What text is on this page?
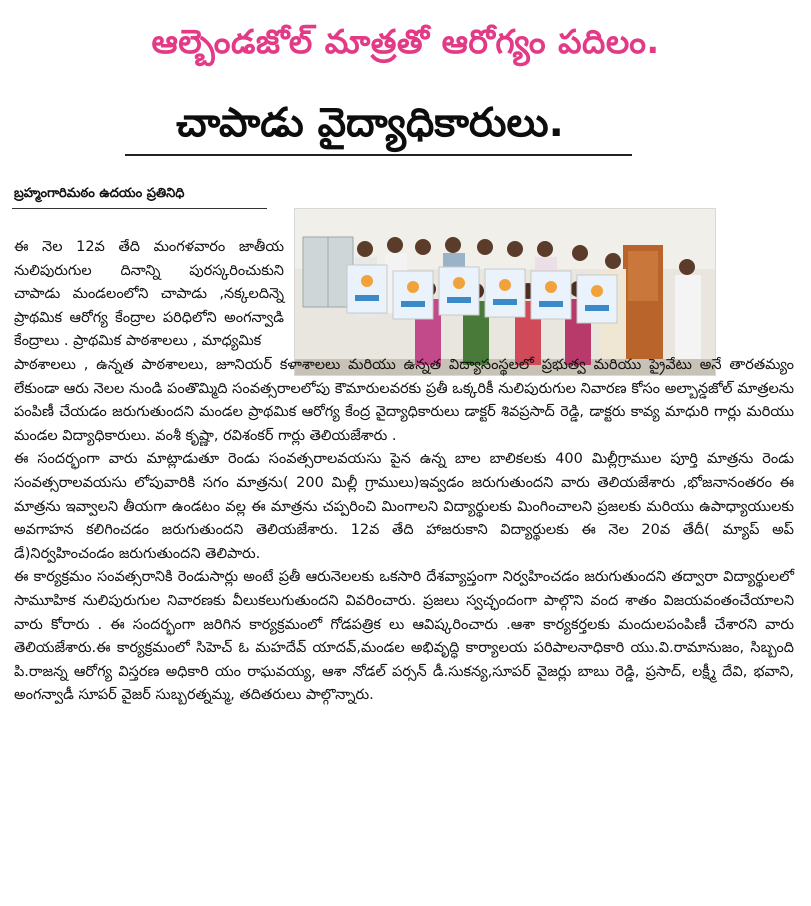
ఆల్బెండజోల్ మాత్రతో ఆరోగ్యం పదిలం.
చాపాడు వైద్యాధికారులు.
బ్రహ్మంగారిమఠం ఉదయం ప్రతినిధి

ఈ నెల 12వ తేది మంగళవారం జాతీయ నులిపురుగుల దినాన్ని పురస్కరించుకుని చాపాడు మండలంలోని చాపాడు ,నక్కలదిన్నె ప్రాథమిక ఆరోగ్య కేంద్రాల పరిధిలోని అంగన్వాడి కేంద్రాలు . ప్రాథమిక పాఠశాలలు , మాధ్యమిక

పాఠశాలలు , ఉన్నత పాఠశాలలు, జూనియర్ కళాశాలలు మరియు ఉన్నత విద్యాసంస్థలలో ప్రభుత్వ మరియు ప్రైవేటు అనే తారతమ్యం లేకుండా ఆరు నెలల నుండి పంతొమ్మిది సంవత్సరాలలోపు కౌమారులవరకు ప్రతీ ఒక్కరికీ నులిపురుగుల నివారణ కోసం అల్బాన్డజోల్ మాత్రలను పంపిణీ చేయడం జరుగుతుందని మండల ప్రాథమిక ఆరోగ్య కేంద్ర వైద్యాధికారులు డాక్టర్ శివప్రసాద్ రెడ్డి, డాక్టరు కావ్య మాధురి గార్లు మరియు మండల విద్యాధికారులు. వంశీ కృష్ణా, రవిశంకర్ గార్లు తెలియజేశారు .

ఈ సందర్భంగా వారు మాట్లాడుతూ రెండు సంవత్సరాలవయసు పైన ఉన్న బాల బాలికలకు 400 మిల్లీగ్రాముల పూర్తి మాత్రను రెండు సంవత్సరాలవయసు లోపువారికి సగం మాత్రను( 200 మిల్లీ గ్రాములు)ఇవ్వడం జరుగుతుందని వారు తెలియజేశారు ,భోజనానంతరం ఈ మాత్రను ఇవ్వాలని తీయగా ఉండటం వల్ల ఈ మాత్రను చప్పరించి మింగాలని విద్యార్థులకు మింగించాలని ప్రజలకు మరియు ఉపాధ్యాయులకు అవగాహన కలిగించడం జరుగుతుందని తెలియజేశారు. 12వ తేది హాజరుకాని విద్యార్థులకు ఈ నెల 20వ తేదీ( మ్యాప్ అప్ డే)నిర్వహించండం జరుగుతుందని తెలిపారు.

ఈ కార్యక్రమం సంవత్సరానికి రెండుసార్లు అంటే ప్రతీ ఆరునెలలకు ఒకసారి దేశవ్యాప్తంగా నిర్వహించడం జరుగుతుందని తద్వారా విద్యార్థులలో సామూహిక నులిపురుగుల నివారణకు వీలుకలుగుతుందని వివరించారు. ప్రజలు స్వచ్ఛందంగా పాల్గొని వంద శాతం విజయవంతంచేయాలని వారు కోరారు . ఈ సందర్భంగా జరిగిన కార్యక్రమంలో గోడపత్రిక లు ఆవిష్కరించారు .ఆశా కార్యకర్తలకు మందులపంపిణీ చేశారని వారు తెలియజేశారు.ఈ కార్యక్రమంలో సిహెచ్ ఓ మహదేవ్ యాదవ్,మండల అభివృద్ధి కార్యాలయ పరిపాలనాధికారి యు.వి.రామానుజం, సిబ్బంది పి.రాజన్న ఆరోగ్య విస్తరణ అధికారి యం రాఘవయ్య, ఆశా నోడల్ పర్సన్ డీ.సుకన్య,సూపర్ వైజర్లు బాబు రెడ్డి, ప్రసాద్, లక్ష్మీ దేవి, భవాని, అంగన్వాడీ సూపర్ వైజర్ సుబ్బరత్నమ్మ, తదితరులు పాల్గొన్నారు.
